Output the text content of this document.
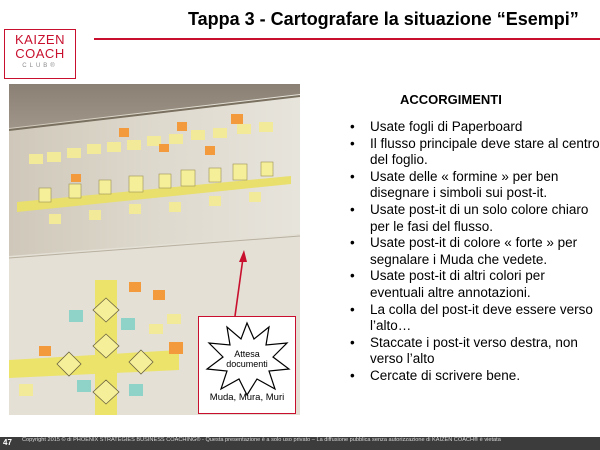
KAIZEN
COACH
CLUB®
Tappa 3 - Cartografare la situazione “Esempi”
ACCORGIMENTI
• Usate fogli di Paperboard
• Il flusso principale deve stare al centro del foglio.
• Usate delle « formine » per ben disegnare i simboli sui post-it.
• Usate post-it di un solo colore chiaro per le fasi del flusso.
• Usate post-it di colore « forte » per segnalare i Muda che vedete.
• Usate post-it di altri colori per eventuali altre annotazioni.
• La colla del post-it deve essere verso l’alto…
• Staccate i post-it verso destra, non verso l’alto
• Cercate di scrivere bene.
Attesa documenti
Muda, Mura, Muri
47 Copyright 2015 © di PHOENIX STRATEGIES BUSINESS COACHING® - Questa presentazione è a solo uso privato – La diffusione pubblica senza autorizzazione di KAIZEN COACH® è vietata
